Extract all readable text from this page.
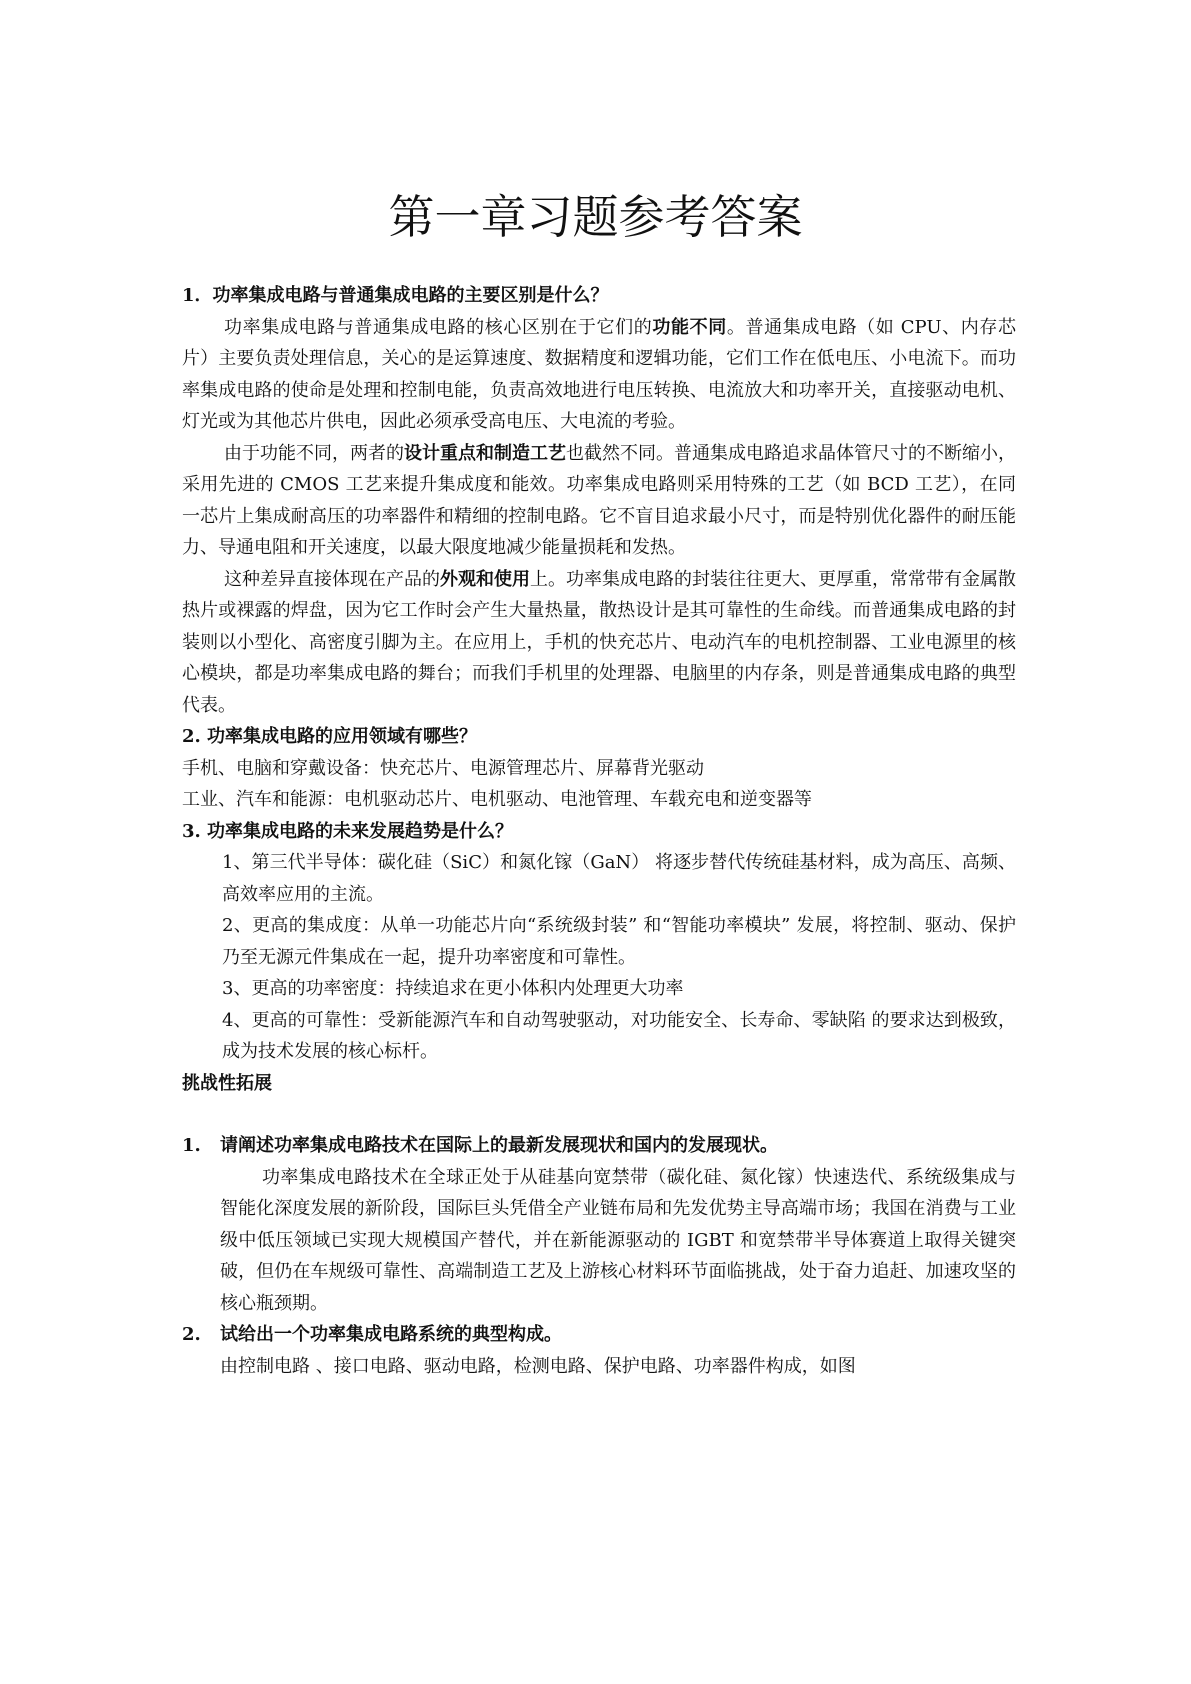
第一章习题参考答案

1．功率集成电路与普通集成电路的主要区别是什么？

功率集成电路与普通集成电路的核心区别在于它们的功能不同。普通集成电路（如 CPU、内存芯片）主要负责处理信息，关心的是运算速度、数据精度和逻辑功能，它们工作在低电压、小电流下。而功率集成电路的使命是处理和控制电能，负责高效地进行电压转换、电流放大和功率开关，直接驱动电机、灯光或为其他芯片供电，因此必须承受高电压、大电流的考验。

由于功能不同，两者的设计重点和制造工艺也截然不同。普通集成电路追求晶体管尺寸的不断缩小，采用先进的 CMOS 工艺来提升集成度和能效。功率集成电路则采用特殊的工艺（如 BCD 工艺），在同一芯片上集成耐高压的功率器件和精细的控制电路。它不盲目追求最小尺寸，而是特别优化器件的耐压能力、导通电阻和开关速度，以最大限度地减少能量损耗和发热。

这种差异直接体现在产品的外观和使用上。功率集成电路的封装往往更大、更厚重，常常带有金属散热片或裸露的焊盘，因为它工作时会产生大量热量，散热设计是其可靠性的生命线。而普通集成电路的封装则以小型化、高密度引脚为主。在应用上，手机的快充芯片、电动汽车的电机控制器、工业电源里的核心模块，都是功率集成电路的舞台；而我们手机里的处理器、电脑里的内存条，则是普通集成电路的典型代表。

2. 功率集成电路的应用领域有哪些？

手机、电脑和穿戴设备：快充芯片、电源管理芯片、屏幕背光驱动

工业、汽车和能源：电机驱动芯片、电机驱动、电池管理、车载充电和逆变器等

3. 功率集成电路的未来发展趋势是什么？

1、第三代半导体：碳化硅（SiC）和氮化镓（GaN） 将逐步替代传统硅基材料，成为高压、高频、高效率应用的主流。

2、更高的集成度：从单一功能芯片向“系统级封装” 和“智能功率模块” 发展，将控制、驱动、保护乃至无源元件集成在一起，提升功率密度和可靠性。

3、更高的功率密度：持续追求在更小体积内处理更大功率

4、更高的可靠性：受新能源汽车和自动驾驶驱动，对功能安全、长寿命、零缺陷 的要求达到极致，成为技术发展的核心标杆。

挑战性拓展

1. 请阐述功率集成电路技术在国际上的最新发展现状和国内的发展现状。

功率集成电路技术在全球正处于从硅基向宽禁带（碳化硅、氮化镓）快速迭代、系统级集成与智能化深度发展的新阶段，国际巨头凭借全产业链布局和先发优势主导高端市场；我国在消费与工业级中低压领域已实现大规模国产替代，并在新能源驱动的 IGBT 和宽禁带半导体赛道上取得关键突破，但仍在车规级可靠性、高端制造工艺及上游核心材料环节面临挑战，处于奋力追赶、加速攻坚的核心瓶颈期。

2. 试给出一个功率集成电路系统的典型构成。

由控制电路 、接口电路、驱动电路，检测电路、保护电路、功率器件构成，如图
